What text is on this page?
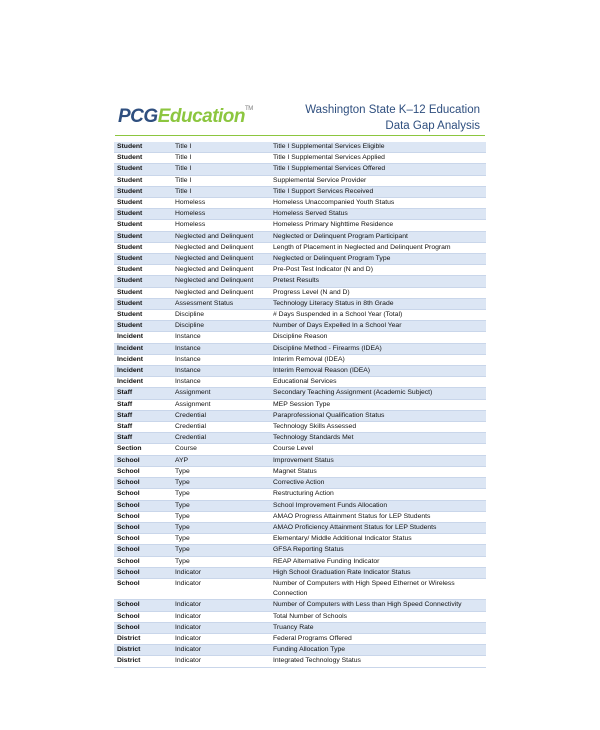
PCGEducation™	Washington State K–12 Education
Data Gap Analysis
Student	Title I	Title I Supplemental Services Eligible
Student	Title I	Title I Supplemental Services Applied
Student	Title I	Title I Supplemental Services Offered
Student	Title I	Supplemental Service Provider
Student	Title I	Title I Support Services Received
Student	Homeless	Homeless Unaccompanied Youth Status
Student	Homeless	Homeless Served Status
Student	Homeless	Homeless Primary Nighttime Residence
Student	Neglected and Delinquent	Neglected or Delinquent Program Participant
Student	Neglected and Delinquent	Length of Placement in Neglected and Delinquent Program
Student	Neglected and Delinquent	Neglected or Delinquent Program Type
Student	Neglected and Delinquent	Pre-Post Test Indicator (N and D)
Student	Neglected and Delinquent	Pretest Results
Student	Neglected and Delinquent	Progress Level (N and D)
Student	Assessment Status	Technology Literacy Status in 8th Grade
Student	Discipline	# Days Suspended in a School Year (Total)
Student	Discipline	Number of Days Expelled In a School Year
Incident	Instance	Discipline Reason
Incident	Instance	Discipline Method - Firearms (IDEA)
Incident	Instance	Interim Removal (IDEA)
Incident	Instance	Interim Removal Reason (IDEA)
Incident	Instance	Educational Services
Staff	Assignment	Secondary Teaching Assignment (Academic Subject)
Staff	Assignment	MEP Session Type
Staff	Credential	Paraprofessional Qualification Status
Staff	Credential	Technology Skills Assessed
Staff	Credential	Technology Standards Met
Section	Course	Course Level
School	AYP	Improvement Status
School	Type	Magnet Status
School	Type	Corrective Action
School	Type	Restructuring Action
School	Type	School Improvement Funds Allocation
School	Type	AMAO Progress Attainment Status for LEP Students
School	Type	AMAO Proficiency Attainment Status for LEP Students
School	Type	Elementary/ Middle Additional Indicator Status
School	Type	GFSA Reporting Status
School	Type	REAP Alternative Funding Indicator
School	Indicator	High School Graduation Rate Indicator Status
School	Indicator	Number of Computers with High Speed Ethernet or Wireless Connection
School	Indicator	Number of Computers with Less than High Speed Connectivity
School	Indicator	Total Number of Schools
School	Indicator	Truancy Rate
District	Indicator	Federal Programs Offered
District	Indicator	Funding Allocation Type
District	Indicator	Integrated Technology Status
